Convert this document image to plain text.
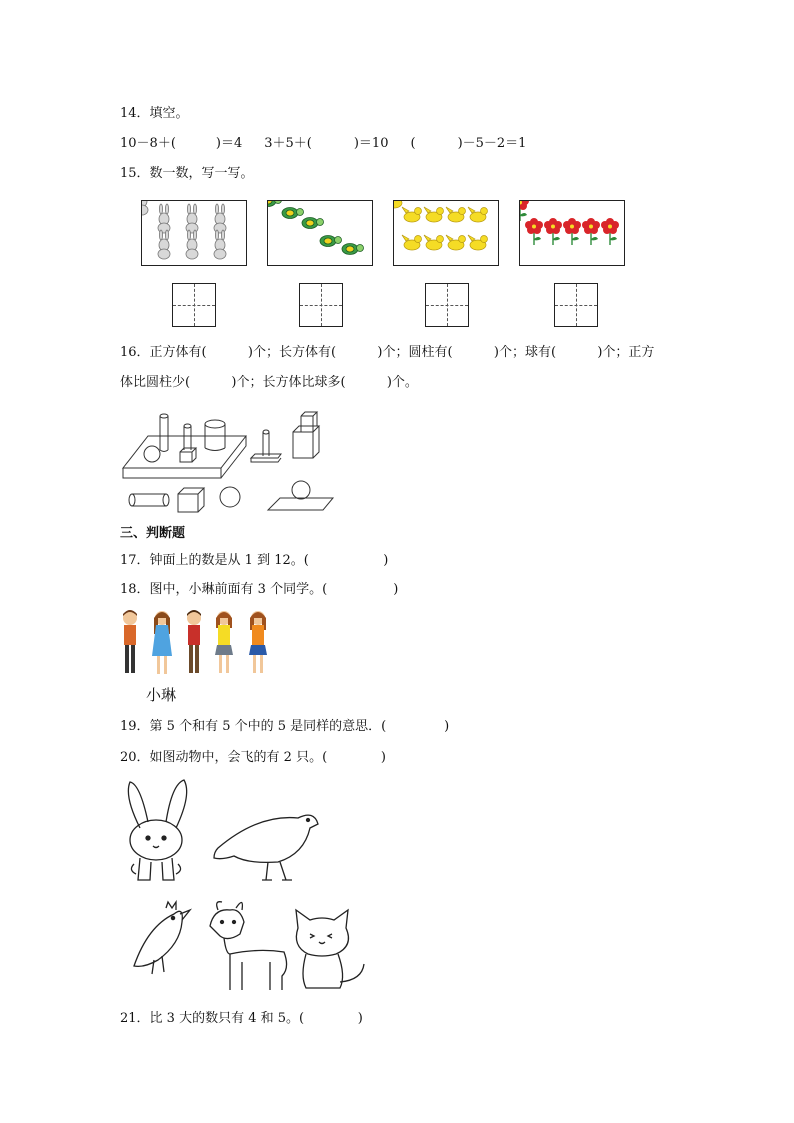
14．填空。
10－8＋(	)＝4 3＋5＋(	)＝10 (	)－5－2＝1
15．数一数，写一写。
16．正方体有(          )个；长方体有(          )个；圆柱有(          )个；球有(          )个；正方
体比圆柱少(          )个；长方体比球多(          )个。
三、判断题
17．钟面上的数是从 1 到 12。(                  )
18．图中，小琳前面有 3 个同学。(                )
小琳
19．第 5 个和有 5 个中的 5 是同样的意思．(              )
20．如图动物中，会飞的有 2 只。(             )
21．比 3 大的数只有 4 和 5。(             )
